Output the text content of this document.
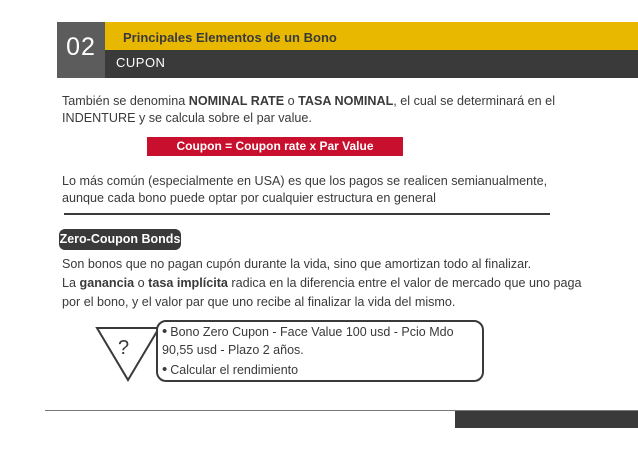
02	Principales Elementos de un Bono
CUPON
También se denomina NOMINAL RATE o TASA NOMINAL, el cual se determinará en el INDENTURE y se calcula sobre el par value.
Coupon = Coupon rate x Par Value
Lo más común (especialmente en USA) es que los pagos se realicen semianualmente, aunque cada bono puede optar por cualquier estructura en general
Zero-Coupon Bonds
Son bonos que no pagan cupón durante la vida, sino que amortizan todo al finalizar.
La ganancia o tasa implícita radica en la diferencia entre el valor de mercado que uno paga por el bono, y el valor par que uno recibe al finalizar la vida del mismo.
?
• Bono Zero Cupon - Face Value 100 usd - Pcio Mdo 90,55 usd - Plazo 2 años.
• Calcular el rendimiento
